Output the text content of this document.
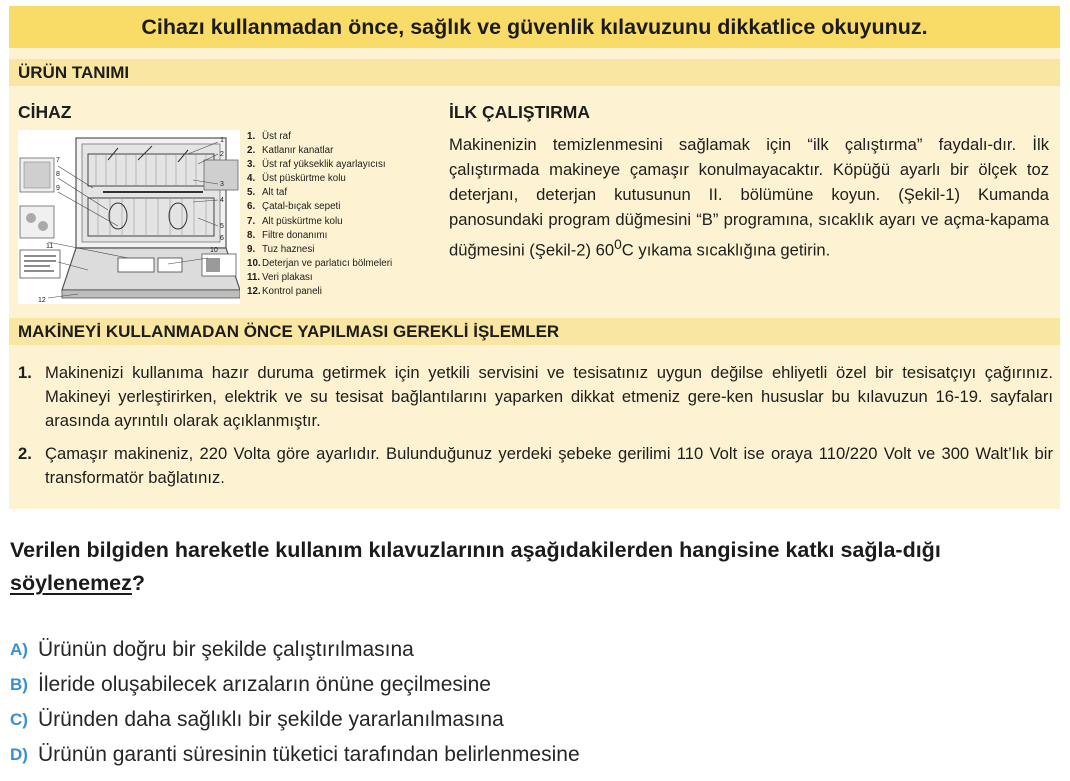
Cihazı kullanmadan önce, sağlık ve güvenlik kılavuzunu dikkatlice okuyunuz.
ÜRÜN TANIMI
CİHAZ
1
2
3
4
5
6
7
8
9
10
11
12
1. Üst raf
2. Katlanır kanatlar
3. Üst raf yükseklik ayarlayıcısı
4. Üst püskürtme kolu
5. Alt taf
6. Çatal-bıçak sepeti
7. Alt püskürtme kolu
8. Filtre donanımı
9. Tuz haznesi
10.Deterjan ve parlatıcı bölmeleri
11. Veri plakası
12.Kontrol paneli
İLK ÇALIŞTIRMA

Makinenizin temizlenmesini sağlamak için “ilk çalıştırma” faydalı-dır. İlk çalıştırmada makineye çamaşır konulmayacaktır. Köpüğü ayarlı bir ölçek toz deterjanı, deterjan kutusunun II. bölümüne koyun. (Şekil-1) Kumanda panosundaki program düğmesini “B” programına, sıcaklık ayarı ve açma-kapama düğmesini (Şekil-2) $60^0C$ yıkama sıcaklığına getirin.

MAKİNEYİ KULLANMADAN ÖNCE YAPILMASI GEREKLİ İŞLEMLER
1. Makinenizi kullanıma hazır duruma getirmek için yetkili servisini ve tesisatınız uygun değilse ehliyetli özel bir tesisatçıyı çağırınız. Makineyi yerleştirirken, elektrik ve su tesisat bağlantılarını yaparken dikkat etmeniz gere-ken hususlar bu kılavuzun 16-19. sayfaları arasında ayrıntılı olarak açıklanmıştır.
2. Çamaşır makineniz, 220 Volta göre ayarlıdır. Bulunduğunuz yerdeki şebeke gerilimi 110 Volt ise oraya 110/220 Volt ve 300 Walt’lık bir transformatör bağlatınız.

Verilen bilgiden hareketle kullanım kılavuzlarının aşağıdakilerden hangisine katkı sağla-dığı söylenemez?

A) Ürünün doğru bir şekilde çalıştırılmasına
B) İleride oluşabilecek arızaların önüne geçilmesine
C) Üründen daha sağlıklı bir şekilde yararlanılmasına
D) Ürünün garanti süresinin tüketici tarafından belirlenmesine
